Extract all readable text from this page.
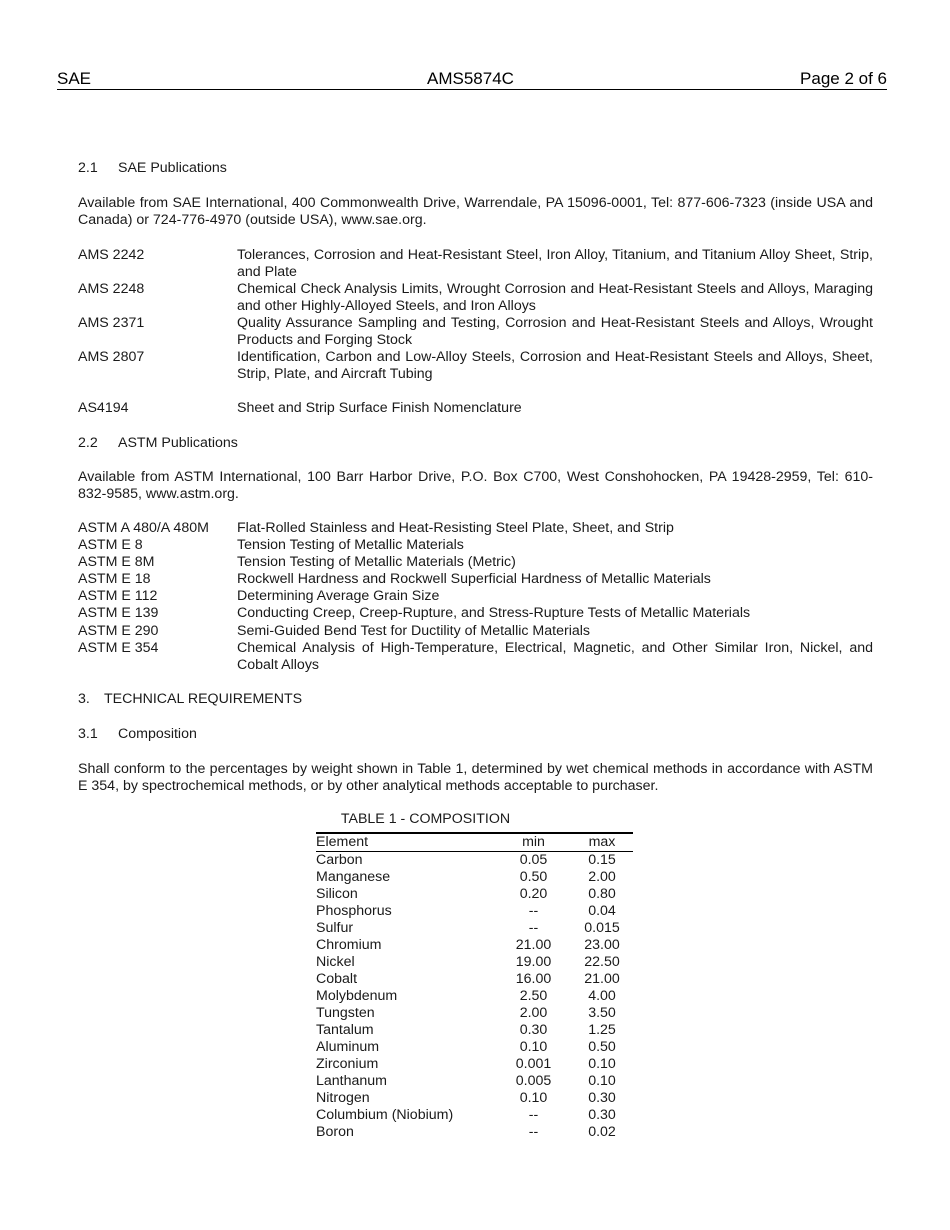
SAE	AMS5874C	Page 2 of 6
2.1 SAE Publications
Available from SAE International, 400 Commonwealth Drive, Warrendale, PA 15096-0001, Tel: 877-606-7323 (inside USA and Canada) or 724-776-4970 (outside USA), www.sae.org.
AMS 2242	Tolerances, Corrosion and Heat-Resistant Steel, Iron Alloy, Titanium, and Titanium Alloy Sheet, Strip, and Plate
AMS 2248	Chemical Check Analysis Limits, Wrought Corrosion and Heat-Resistant Steels and Alloys, Maraging and other Highly-Alloyed Steels, and Iron Alloys
AMS 2371	Quality Assurance Sampling and Testing, Corrosion and Heat-Resistant Steels and Alloys, Wrought Products and Forging Stock
AMS 2807	Identification, Carbon and Low-Alloy Steels, Corrosion and Heat-Resistant Steels and Alloys, Sheet, Strip, Plate, and Aircraft Tubing
AS4194	Sheet and Strip Surface Finish Nomenclature
2.2 ASTM Publications
Available from ASTM International, 100 Barr Harbor Drive, P.O. Box C700, West Conshohocken, PA 19428-2959, Tel: 610-832-9585, www.astm.org.
ASTM A 480/A 480M	Flat-Rolled Stainless and Heat-Resisting Steel Plate, Sheet, and Strip
ASTM E 8	Tension Testing of Metallic Materials
ASTM E 8M	Tension Testing of Metallic Materials (Metric)
ASTM E 18	Rockwell Hardness and Rockwell Superficial Hardness of Metallic Materials
ASTM E 112	Determining Average Grain Size
ASTM E 139	Conducting Creep, Creep-Rupture, and Stress-Rupture Tests of Metallic Materials
ASTM E 290	Semi-Guided Bend Test for Ductility of Metallic Materials
ASTM E 354	Chemical Analysis of High-Temperature, Electrical, Magnetic, and Other Similar Iron, Nickel, and Cobalt Alloys
3. TECHNICAL REQUIREMENTS
3.1 Composition
Shall conform to the percentages by weight shown in Table 1, determined by wet chemical methods in accordance with ASTM E 354, by spectrochemical methods, or by other analytical methods acceptable to purchaser.
TABLE 1 - COMPOSITION
Element	min	max
Carbon	0.05	0.15
Manganese	0.50	2.00
Silicon	0.20	0.80
Phosphorus	--	0.04
Sulfur	--	0.015
Chromium	21.00	23.00
Nickel	19.00	22.50
Cobalt	16.00	21.00
Molybdenum	2.50	4.00
Tungsten	2.00	3.50
Tantalum	0.30	1.25
Aluminum	0.10	0.50
Zirconium	0.001	0.10
Lanthanum	0.005	0.10
Nitrogen	0.10	0.30
Columbium (Niobium)	--	0.30
Boron	--	0.02
